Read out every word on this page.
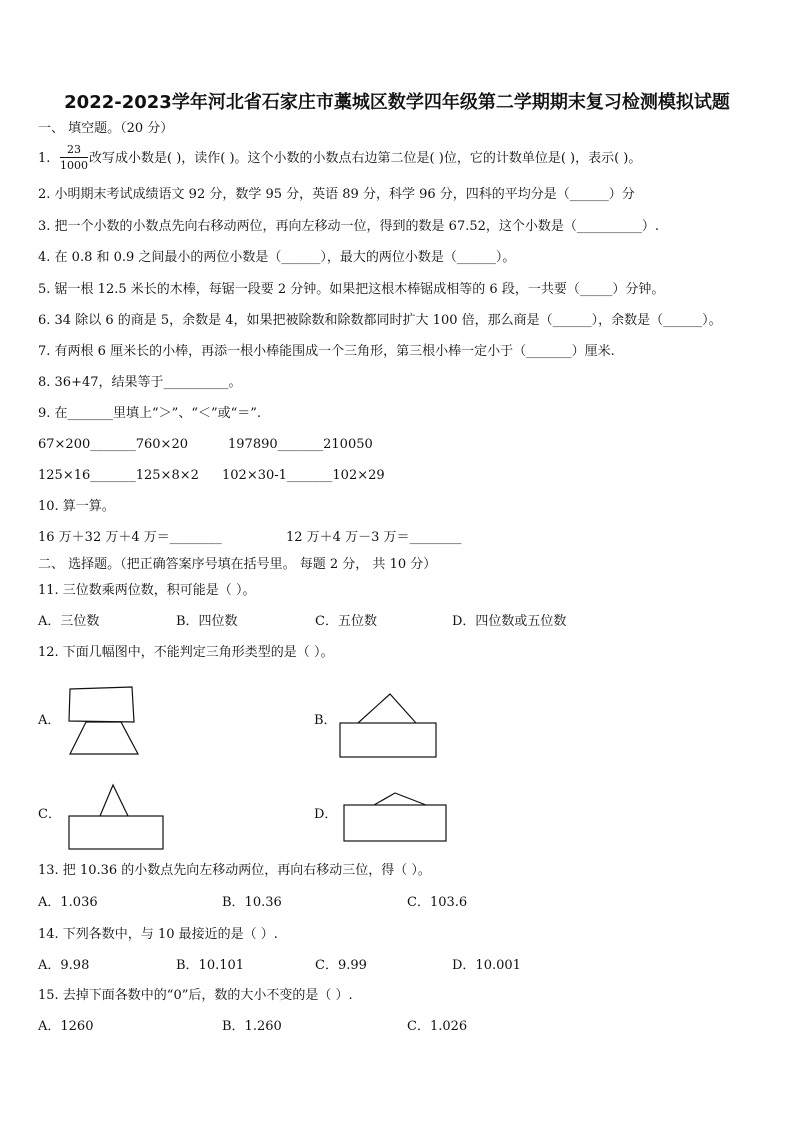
2022-2023学年河北省石家庄市藁城区数学四年级第二学期期末复习检测模拟试题
一、 填空题。（20 分）
1. $\frac{23}{1000}$ 改写成小数是( )，读作( )。这个小数的小数点右边第二位是( )位，它的计数单位是( )，表示( )。
2. 小明期末考试成绩语文 92 分，数学 95 分，英语 89 分，科学 96 分，四科的平均分是（______）分
3. 把一个小数的小数点先向右移动两位，再向左移动一位，得到的数是 67.52，这个小数是（__________）.
4. 在 0.8 和 0.9 之间最小的两位小数是（______），最大的两位小数是（______）。
5. 锯一根 12.5 米长的木棒，每锯一段要 2 分钟。如果把这根木棒锯成相等的 6 段，一共要（_____）分钟。
6. 34 除以 6 的商是 5，余数是 4，如果把被除数和除数都同时扩大 100 倍，那么商是（______），余数是（______）。
7. 有两根 6 厘米长的小棒，再添一根小棒能围成一个三角形，第三根小棒一定小于（_______）厘米.
8. 36+47，结果等于__________。
9. 在_______里填上“＞”、“＜”或“＝”.
67×200_______760×20	197890_______210050
125×16_______125×8×2 102×30-1_______102×29
10. 算一算。
16 万＋32 万＋4 万＝________	12 万＋4 万－3 万＝________
二、 选择题。（把正确答案序号填在括号里。 每题 2 分， 共 10 分）
11. 三位数乘两位数，积可能是（ ）。
A．三位数	B．四位数	C．五位数	D．四位数或五位数
12. 下面几幅图中，不能判定三角形类型的是（ ）。
A．	B．
C．	D．
13. 把 10.36 的小数点先向左移动两位，再向右移动三位，得（ ）。
A．1.036	B．10.36	C．103.6
14. 下列各数中，与 10 最接近的是（ ）.
A．9.98	B．10.101	C．9.99	D．10.001
15. 去掉下面各数中的“0”后，数的大小不变的是（ ）.
A．1260	B．1.260	C．1.026
